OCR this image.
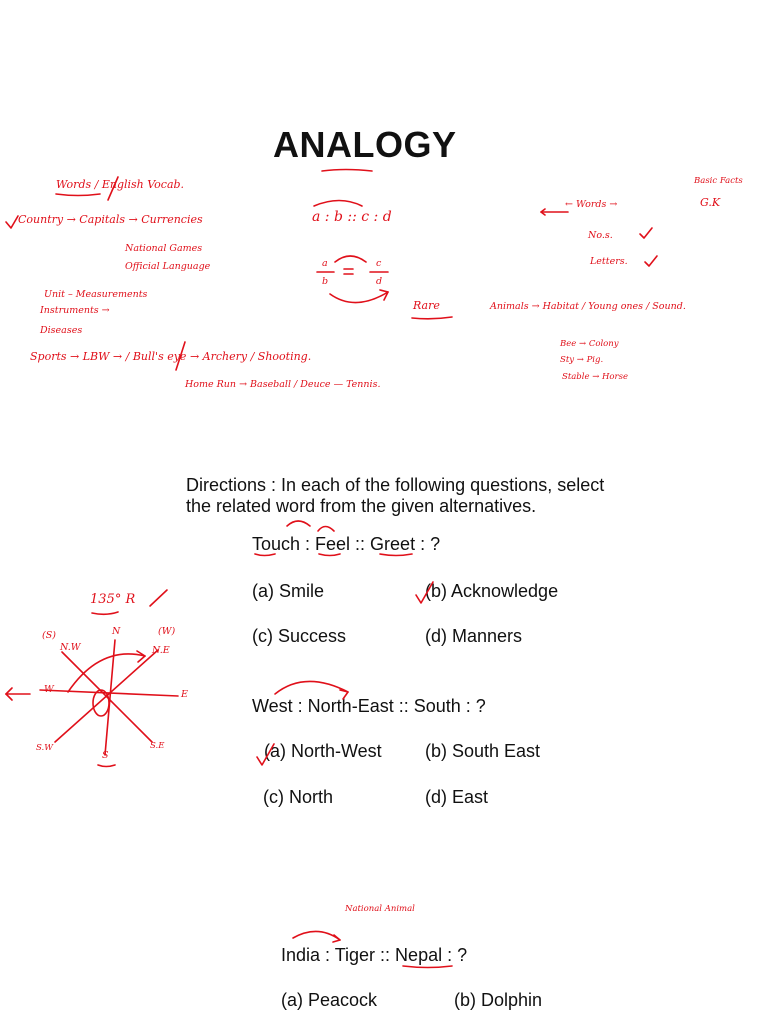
ANALOGY
Directions : In each of the following questions, select
the related word from the given alternatives.
Touch : Feel :: Greet : ?
(a) Smile	(b) Acknowledge
(c) Success	(d) Manners
West : North-East :: South : ?
(a) North-West (b) South East
(c) North	(d) East
India : Tiger :: Nepal : ?
(a) Peacock	(b) Dolphin
Words / English Vocab.
Country → Capitals → Currencies
National Games
Official Language
Unit – Measurements
Instruments →
Diseases
Sports → LBW → / Bull's eye → Archery / Shooting.
Home Run → Baseball / Deuce — Tennis.
a : b :: c : d
a
b
c
d
Rare	Animals → Habitat / Young ones / Sound.
Basic Facts
← Words →	G.K
No.s.
Letters.
Bee → Colony
Sty → Pig.
Stable → Horse
135° R
(S)	(W)
N.W
N
N.E
W	E
S.W
S
S.E
National Animal
